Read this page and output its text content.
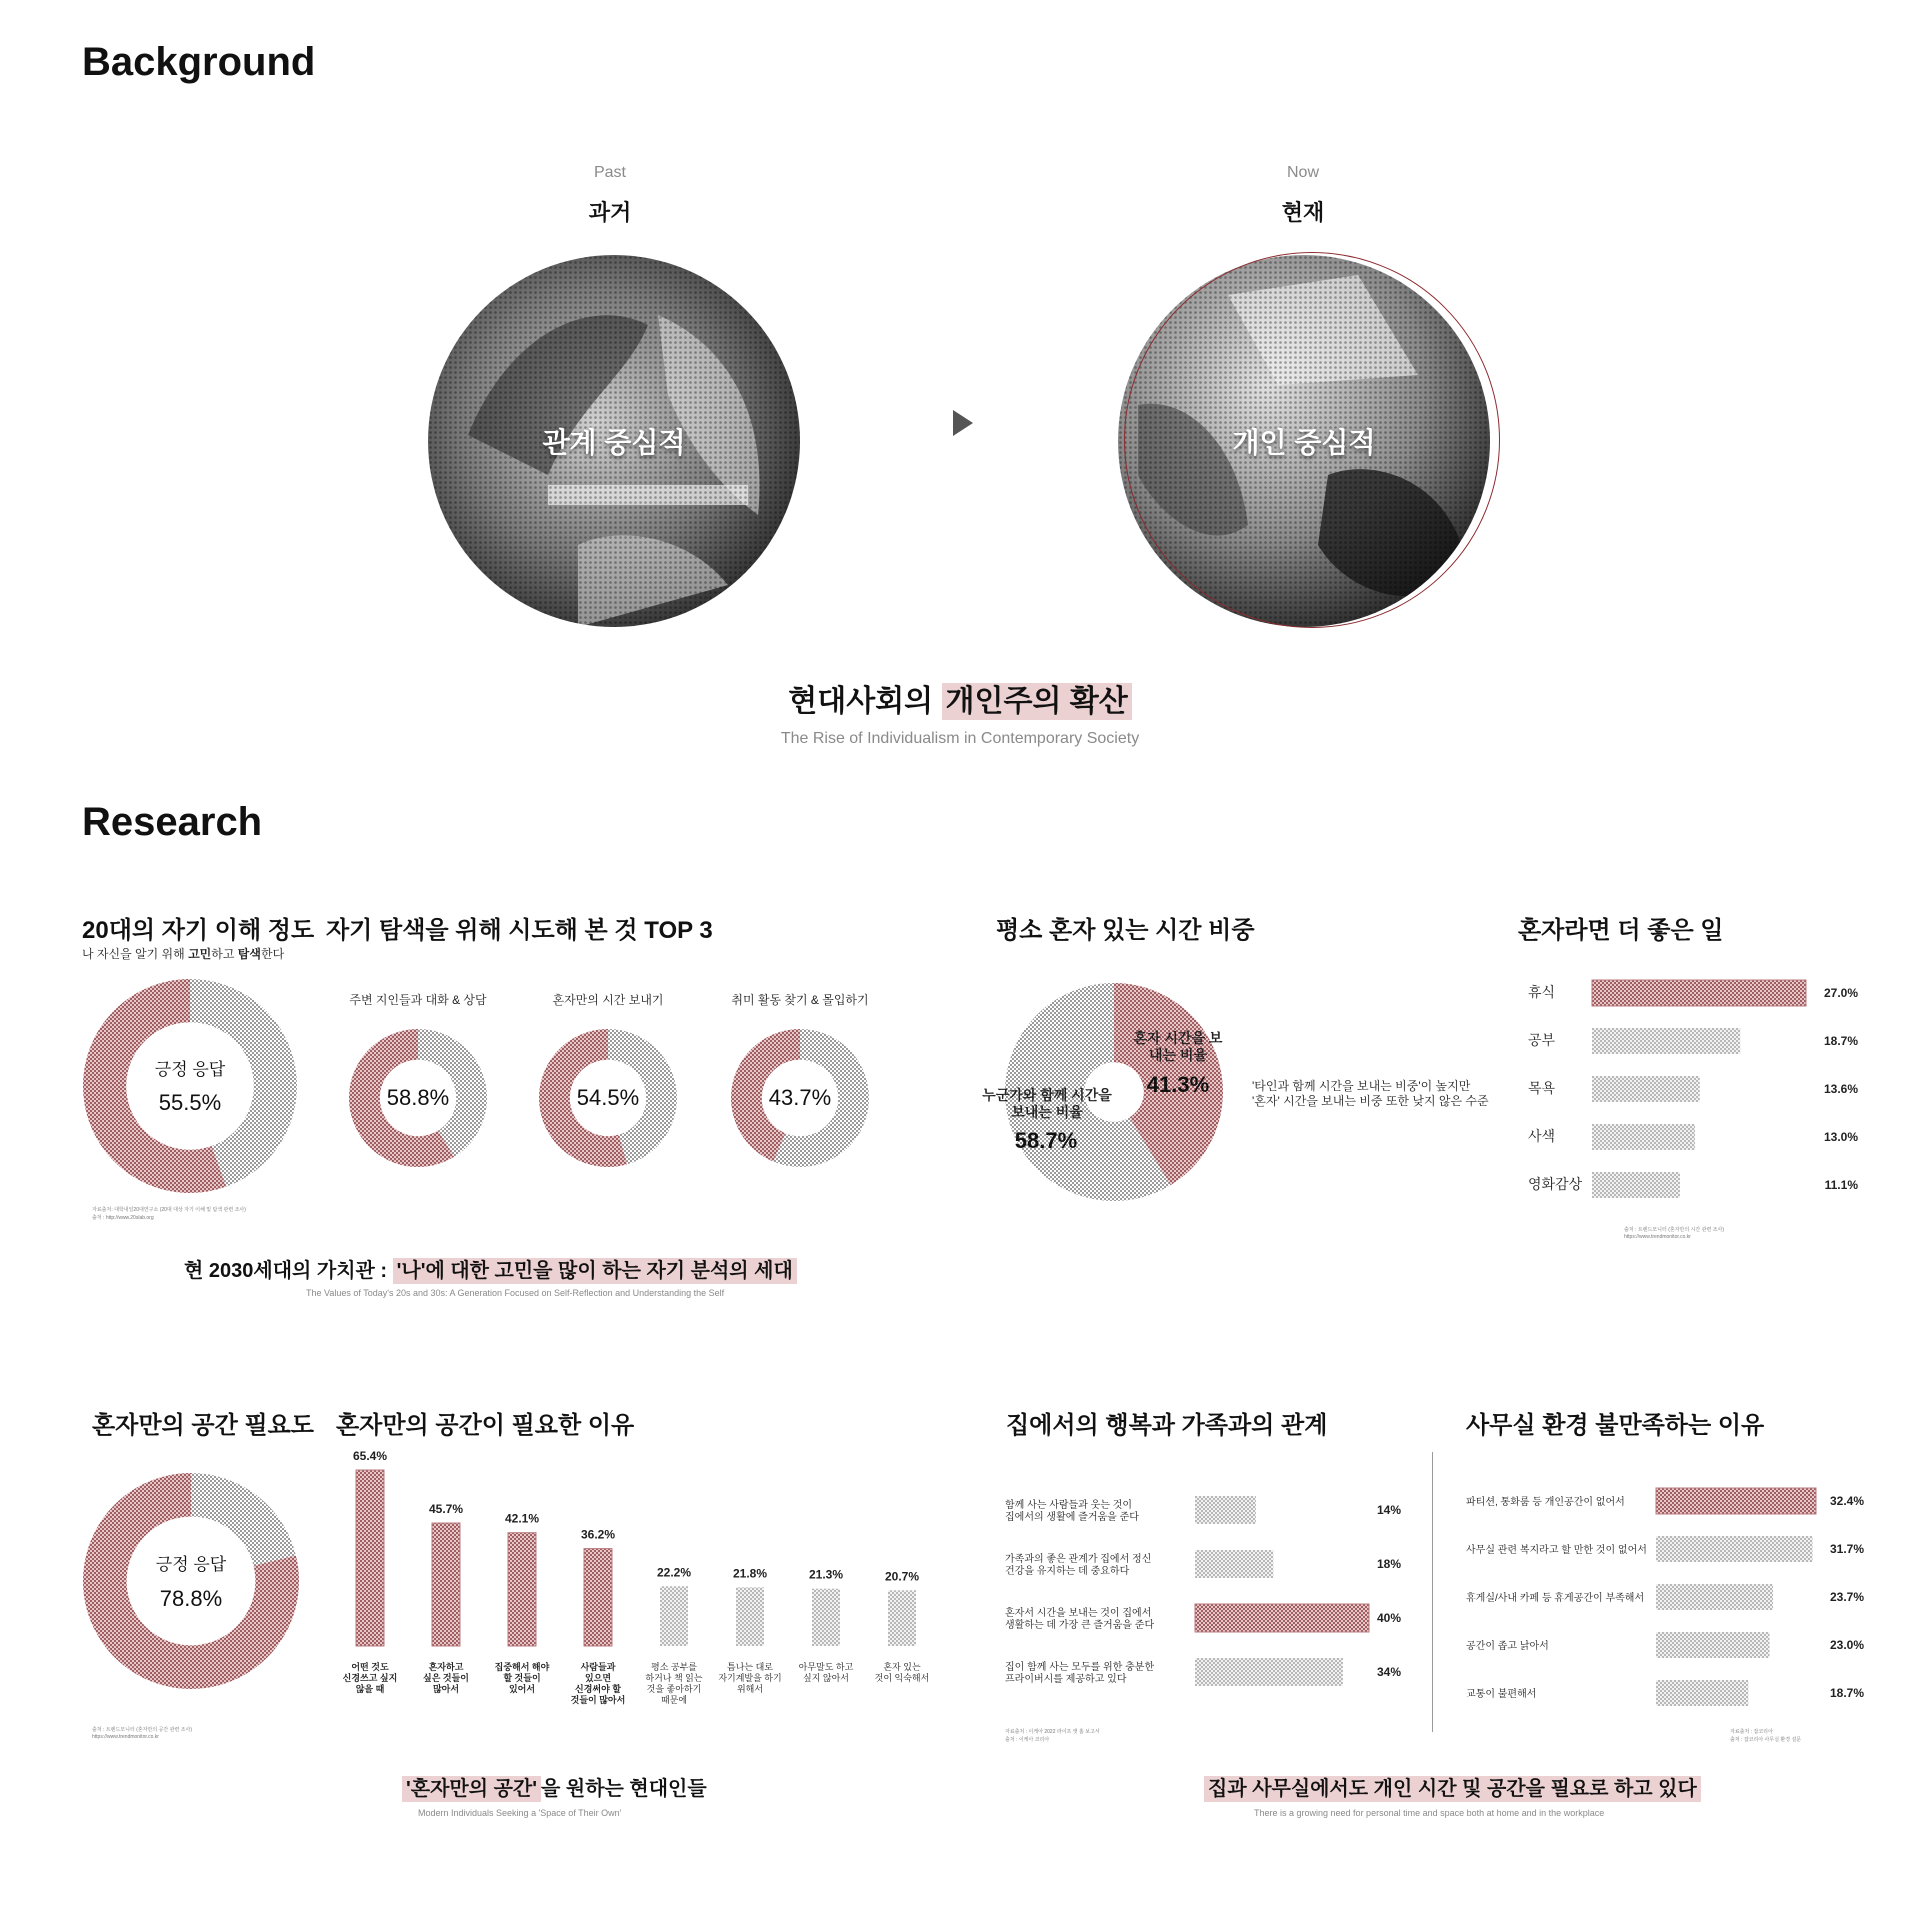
Background
Past
과거
Now
현재
관계 중심적	개인 중심적
현대사회의 개인주의 확산
The Rise of Individualism in Contemporary Society
Research
20대의 자기 이해 정도
나 자신을 알기 위해 고민하고 탐색한다
긍정 응답
55.5%
자료출처: 대학내일20대연구소 (20대 대상 자기 이해 및 탐색 관련 조사)
출처 : http://www.20slab.org
자기 탐색을 위해 시도해 본 것 TOP 3
주변 지인들과 대화 & 상담	혼자만의 시간 보내기	취미 활동 찾기 & 몰입하기
58.8%	54.5%	43.7%
현 2030세대의 가치관 : '나'에 대한 고민을 많이 하는 자기 분석의 세대
The Values of Today's 20s and 30s: A Generation Focused on Self-Reflection and Understanding the Self
평소 혼자 있는 시간 비중
혼자 시간을 보내는 비율
41.3%
누군가와 함께 시간을 보내는 비율
58.7%
'타인과 함께 시간을 보내는 비중'이 높지만
'혼자' 시간을 보내는 비중 또한 낮지 않은 수준
혼자라면 더 좋은 일
휴식	27.0%
공부	18.7%
목욕	13.6%
사색	13.0%
영화감상	11.1%
출처 : 트렌드모니터 (혼자만의 시간 관련 조사)
https://www.trendmonitor.co.kr
혼자만의 공간 필요도
긍정 응답
78.8%
출처 : 트렌드모니터 (혼자만의 공간 관련 조사)
https://www.trendmonitor.co.kr
혼자만의 공간이 필요한 이유
65.4%
어떤 것도
신경쓰고 싶지
않을 때
45.7%
혼자하고
싶은 것들이
많아서
42.1%
집중해서 해야
할 것들이
있어서
36.2%
사람들과
있으면
신경써야 할
것들이 많아서
22.2%
평소 공부를
하거나 책 읽는
것을 좋아하기
때문에
21.8%
틈나는 대로
자기계발을 하기
위해서
21.3%
아무말도 하고
싶지 않아서
20.7%
혼자 있는
것이 익숙해서
'혼자만의 공간' 을 원하는 현대인들
Modern Individuals Seeking a 'Space of Their Own'
집에서의 행복과 가족과의 관계
함께 사는 사람들과 웃는 것이
집에서의 생활에 즐거움을 준다
14%
가족과의 좋은 관계가 집에서 정신
건강을 유지하는 데 중요하다
18%
혼자서 시간을 보내는 것이 집에서
생활하는 데 가장 큰 즐거움을 준다
40%
집이 함께 사는 모두를 위한 충분한
프라이버시를 제공하고 있다
34%
자료출처 : 이케아 2022 라이프 앳 홈 보고서
출처 : 이케아 코리아
사무실 환경 불만족하는 이유
파티션, 통화룸 등 개인공간이 없어서	32.4%
사무실 관련 복지라고 할 만한 것이 없어서	31.7%
휴게실/사내 카페 등 휴게공간이 부족해서	23.7%
공간이 좁고 낡아서	23.0%
교통이 불편해서	18.7%
자료출처 : 잡코리아
출처 : 잡코리아 사무실 환경 설문
집과 사무실에서도 개인 시간 및 공간을 필요로 하고 있다
There is a growing need for personal time and space both at home and in the workplace
